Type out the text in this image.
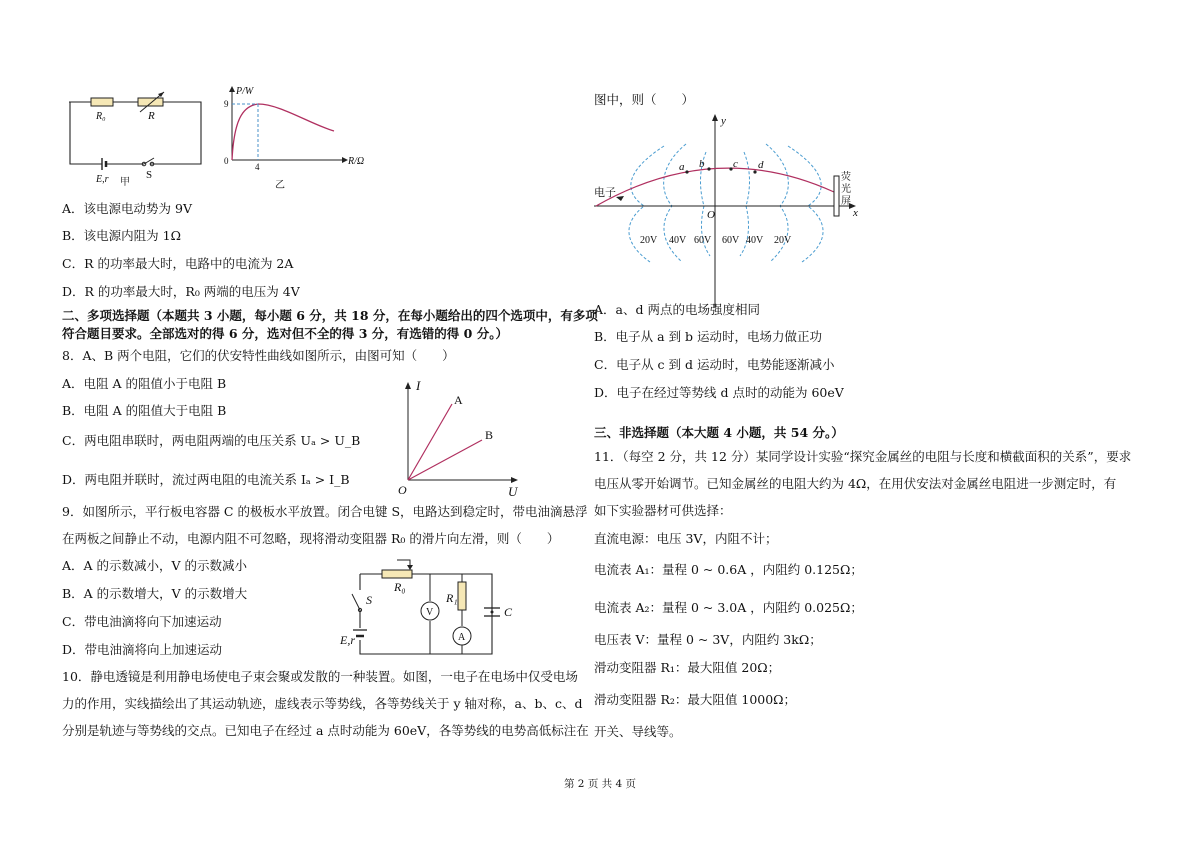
R₀	R
E,r	S
甲
P/W
R/Ω
0
9
4
乙
A．该电源电动势为 9V
B．该电源内阻为 1Ω
C．R 的功率最大时，电路中的电流为 2A
D．R 的功率最大时，R₀ 两端的电压为 4V
二、多项选择题（本题共 3 小题，每小题 6 分，共 18 分，在每小题给出的四个选项中，有多项
符合题目要求。全部选对的得 6 分，选对但不全的得 3 分，有选错的得 0 分。）
8．A、B 两个电阻，它们的伏安特性曲线如图所示，由图可知（　　）
A．电阻 A 的阻值小于电阻 B
B．电阻 A 的阻值大于电阻 B
C．两电阻串联时，两电阻两端的电压关系 Uₐ > U_B
D．两电阻并联时，流过两电阻的电流关系 Iₐ > I_B
I
U
O
A
B
9．如图所示，平行板电容器 C 的极板水平放置。闭合电键 S，电路达到稳定时，带电油滴悬浮
在两板之间静止不动，电源内阻不可忽略，现将滑动变阻器 R₀ 的滑片向左滑，则（　　）
A．A 的示数减小，V 的示数减小
B．A 的示数增大，V 的示数增大
C．带电油滴将向下加速运动
D．带电油滴将向上加速运动
R₀
R₁
S
E,r
V
A
C
10．静电透镜是利用静电场使电子束会聚或发散的一种装置。如图，一电子在电场中仅受电场
力的作用，实线描绘出了其运动轨迹，虚线表示等势线，各等势线关于 y 轴对称，a、b、c、d
分别是轨迹与等势线的交点。已知电子在经过 a 点时动能为 60eV，各等势线的电势高低标注在
图中，则（　　）
y
x
O
电子
荧
光
屏
a b	c d
20V 40V 60V 60V 40V 20V
A．a、d 两点的电场强度相同
B．电子从 a 到 b 运动时，电场力做正功
C．电子从 c 到 d 运动时，电势能逐渐减小
D．电子在经过等势线 d 点时的动能为 60eV
三、非选择题（本大题 4 小题，共 54 分。）
11．（每空 2 分，共 12 分）某同学设计实验“探究金属丝的电阻与长度和横截面积的关系”，要求
电压从零开始调节。已知金属丝的电阻大约为 4Ω，在用伏安法对金属丝电阻进一步测定时，有
如下实验器材可供选择：
直流电源：电压 3V，内阻不计；
电流表 A₁：量程 0 ~ 0.6A ，内阻约 0.125Ω；
电流表 A₂：量程 0 ~ 3.0A ，内阻约 0.025Ω；
电压表 V：量程 0 ~ 3V，内阻约 3kΩ；
滑动变阻器 R₁：最大阻值 20Ω；
滑动变阻器 R₂：最大阻值 1000Ω；
开关、导线等。
第 2 页 共 4 页
